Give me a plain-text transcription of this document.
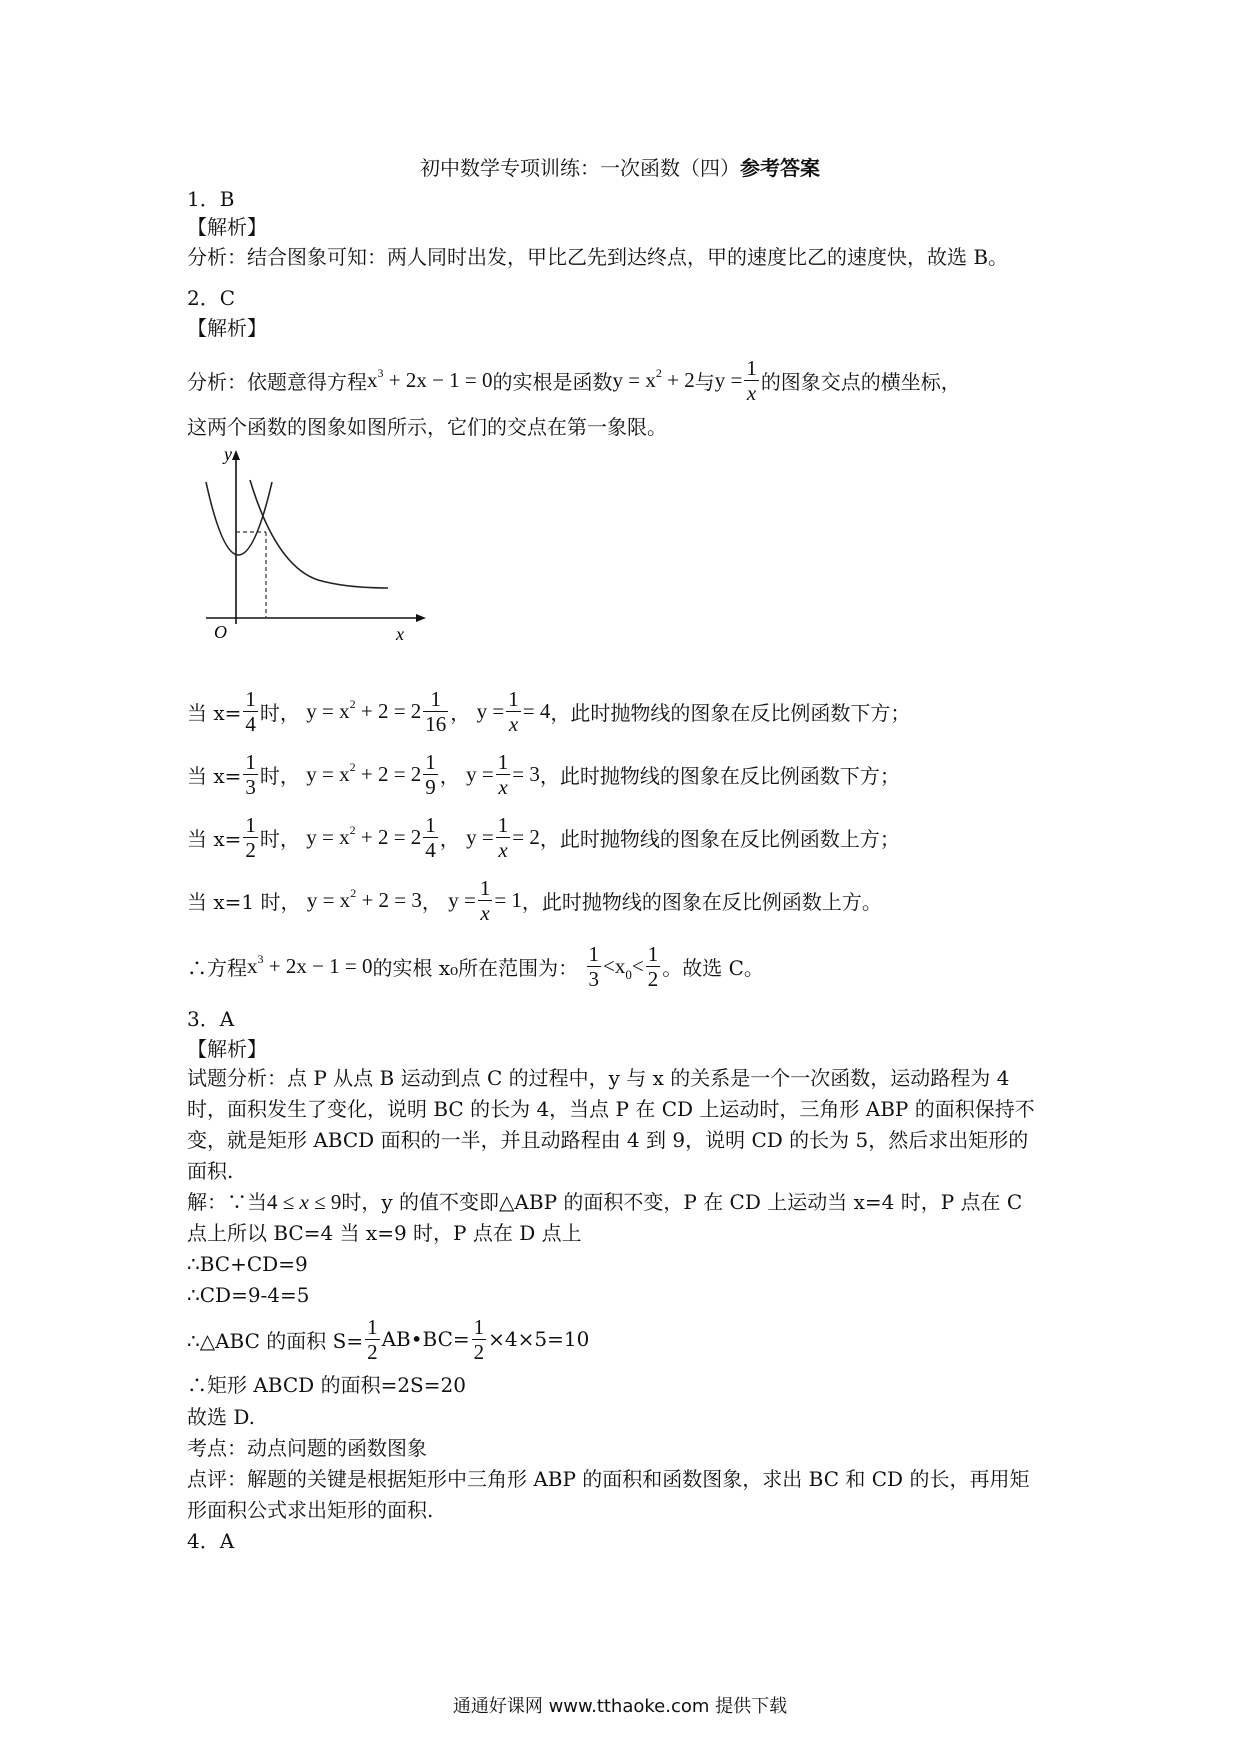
初中数学专项训练：一次函数（四）参考答案
1．B
【解析】
分析：结合图象可知：两人同时出发，甲比乙先到达终点，甲的速度比乙的速度快，故选 B。
2．C
【解析】
分析：依题意得方程 $x^3 + 2x - 1 = 0$ 的实根是函数 $y = x^2 + 2$ 与 $y = \frac{1}{x}$ 的图象交点的横坐标，
这两个函数的图象如图所示，它们的交点在第一象限。
y
x
O
当 $x= \frac{1}{4}$ 时，
$y = x^2 + 2 = 2 \frac{1}{16}$ ，
$y = \frac{1}{x} = 4$ ，此时抛物线的图象在反比例函数下方；
当 $x= \frac{1}{3}$ 时，
$y = x^2 + 2 = 2 \frac{1}{9}$ ，
$y = \frac{1}{x} = 3$ ，此时抛物线的图象在反比例函数下方；
当 $x= \frac{1}{2}$ 时，
$y = x^2 + 2 = 2 \frac{1}{4}$ ，
$y = \frac{1}{x} = 2$ ，此时抛物线的图象在反比例函数上方；
当 x=1 时，
$y = x^2 + 2 = 3$ ，
$y = \frac{1}{x} = 1$ ，此时抛物线的图象在反比例函数上方。
∴方程 $x^3 + 2x - 1 = 0$ 的实根 x₀所在范围为：
$\frac{1}{3} <x_0< \frac{1}{2}$ 。故选 C。
3．A
【解析】
试题分析：点 P 从点 B 运动到点 C 的过程中，y 与 x 的关系是一个一次函数，运动路程为 4
时，面积发生了变化，说明 BC 的长为 4，当点 P 在 CD 上运动时，三角形 ABP 的面积保持不
变，就是矩形 ABCD 面积的一半，并且动路程由 4 到 9，说明 CD 的长为 5，然后求出矩形的
面积.
解：∵当4 ≤ x ≤ 9时，y 的值不变即△ABP 的面积不变，P 在 CD 上运动当 x=4 时，P 点在 C
点上所以 BC=4 当 x=9 时，P 点在 D 点上
∴BC+CD=9
∴CD=9-4=5
∴△ABC 的面积 $S= \frac{1}{2}$ AB•BC= $\frac{1}{2} \times 4\times 5=10$
∴矩形 ABCD 的面积=2S=20
故选 D.
考点：动点问题的函数图象
点评：解题的关键是根据矩形中三角形 ABP 的面积和函数图象，求出 BC 和 CD 的长，再用矩
形面积公式求出矩形的面积.
4．A
通通好课网 www.tthaoke.com 提供下载
